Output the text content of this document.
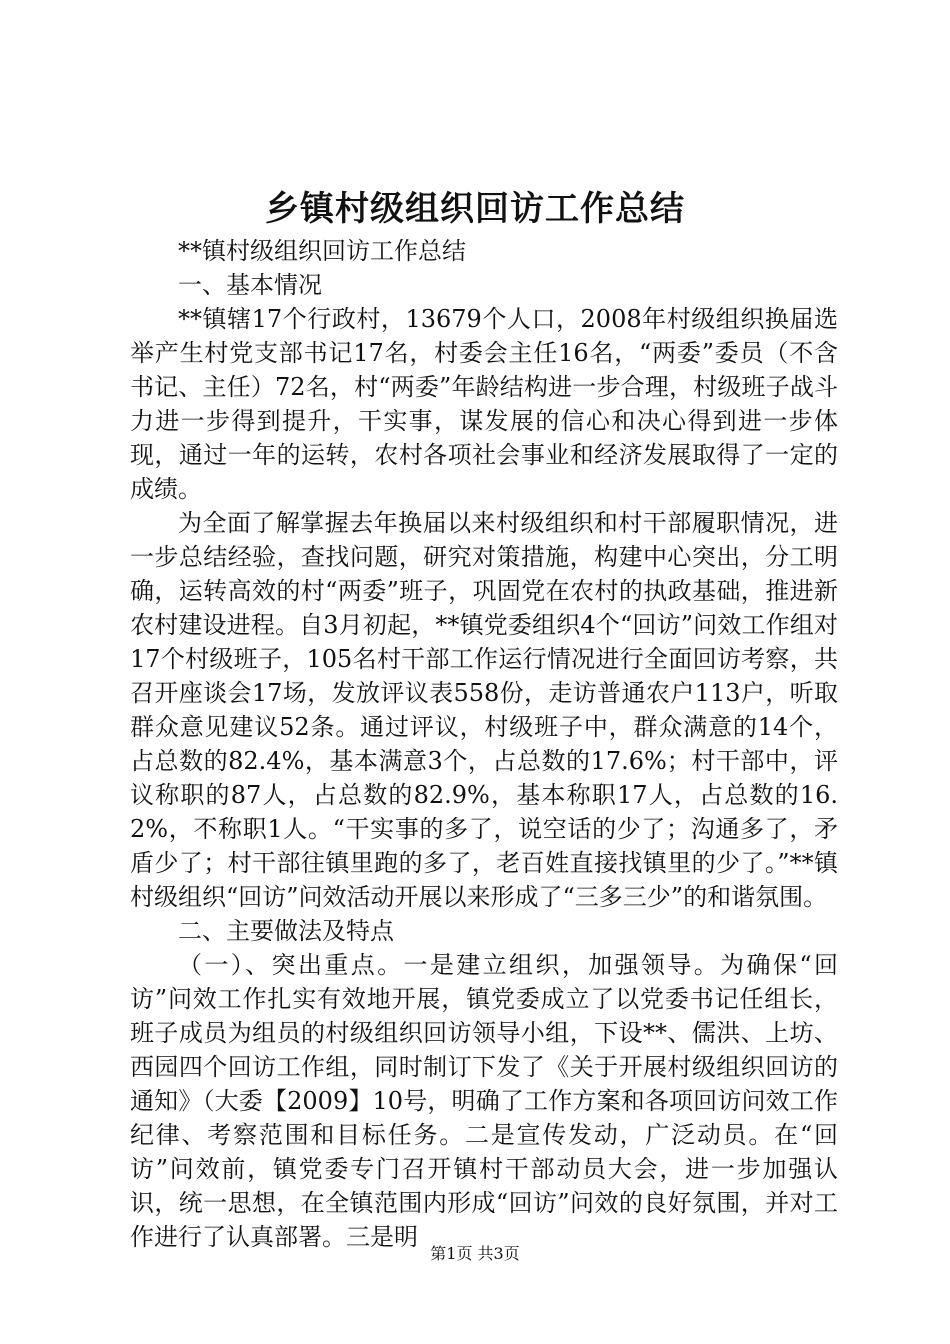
乡镇村级组织回访工作总结

**镇村级组织回访工作总结

一、基本情况

**镇辖17个行政村，13679个人口，2008年村级组织换届选举产生村党支部书记17名，村委会主任16名，“两委”委员（不含书记、主任）72名，村“两委”年龄结构进一步合理，村级班子战斗力进一步得到提升，干实事，谋发展的信心和决心得到进一步体现，通过一年的运转，农村各项社会事业和经济发展取得了一定的成绩。

为全面了解掌握去年换届以来村级组织和村干部履职情况，进一步总结经验，查找问题，研究对策措施，构建中心突出，分工明确，运转高效的村“两委”班子，巩固党在农村的执政基础，推进新农村建设进程。自3月初起，**镇党委组织4个“回访”问效工作组对17个村级班子，105名村干部工作运行情况进行全面回访考察，共召开座谈会17场，发放评议表558份，走访普通农户113户，听取群众意见建议52条。通过评议，村级班子中，群众满意的14个，占总数的82.4%，基本满意3个，占总数的17.6%；村干部中，评议称职的87人，占总数的82.9%，基本称职17人，占总数的16.2%，不称职1人。“干实事的多了，说空话的少了；沟通多了，矛盾少了；村干部往镇里跑的多了，老百姓直接找镇里的少了。”**镇村级组织“回访”问效活动开展以来形成了“三多三少”的和谐氛围。

二、主要做法及特点

（一）、突出重点。一是建立组织，加强领导。为确保“回访”问效工作扎实有效地开展，镇党委成立了以党委书记任组长，班子成员为组员的村级组织回访领导小组，下设**、儒洪、上坊、西园四个回访工作组，同时制订下发了《关于开展村级组织回访的通知》（大委【2009】10号，明确了工作方案和各项回访问效工作纪律、考察范围和目标任务。二是宣传发动，广泛动员。在“回访”问效前，镇党委专门召开镇村干部动员大会，进一步加强认识，统一思想，在全镇范围内形成“回访”问效的良好氛围，并对工作进行了认真部署。三是明

第1页 共3页
